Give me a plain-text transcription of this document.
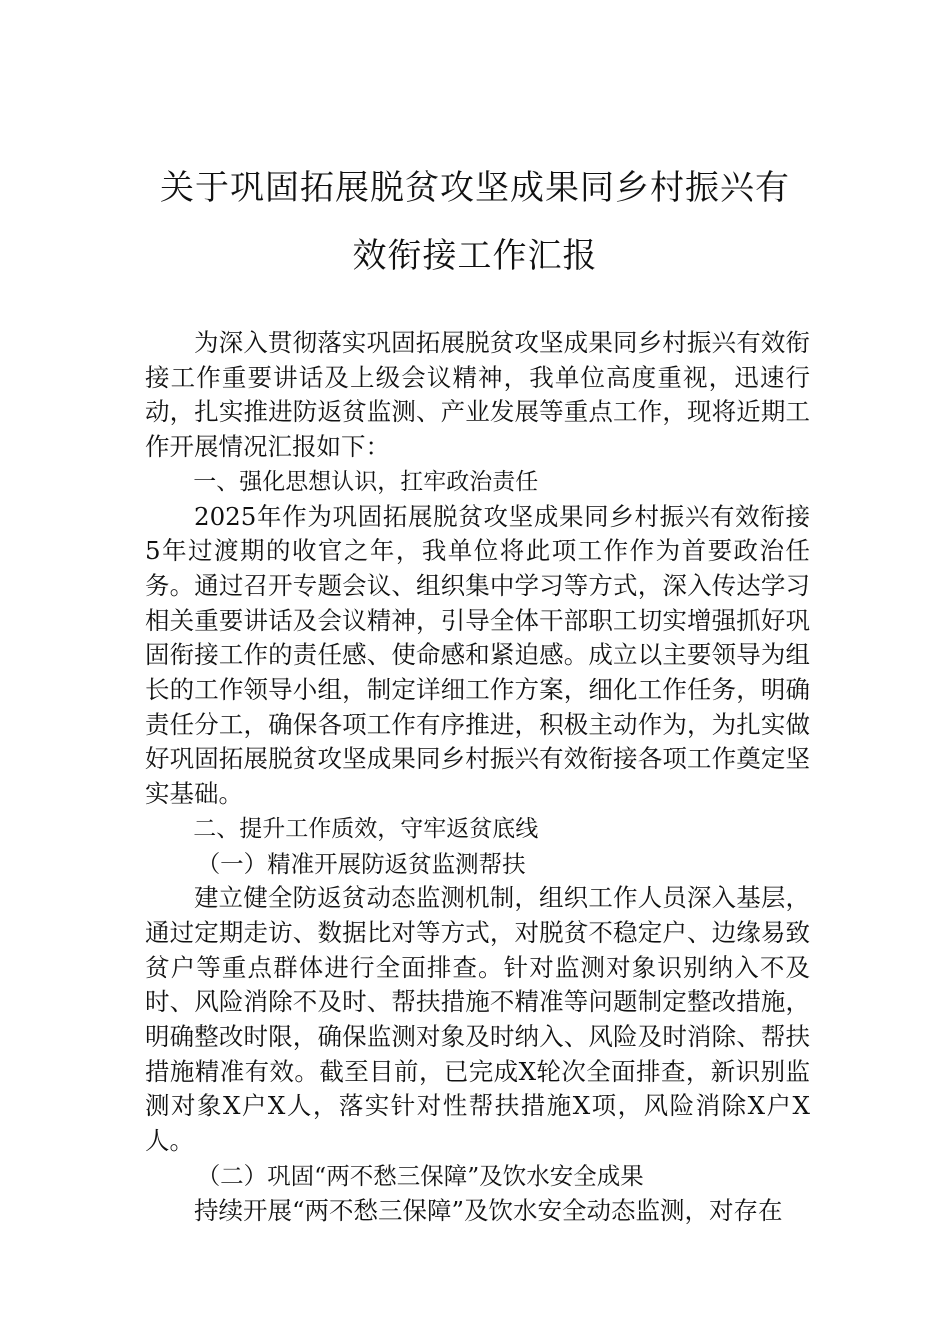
关于巩固拓展脱贫攻坚成果同乡村振兴有
效衔接工作汇报

为深入贯彻落实巩固拓展脱贫攻坚成果同乡村振兴有效衔接工作重要讲话及上级会议精神，我单位高度重视，迅速行动，扎实推进防返贫监测、产业发展等重点工作，现将近期工作开展情况汇报如下：

一、强化思想认识，扛牢政治责任

2025年作为巩固拓展脱贫攻坚成果同乡村振兴有效衔接5年过渡期的收官之年，我单位将此项工作作为首要政治任务。通过召开专题会议、组织集中学习等方式，深入传达学习相关重要讲话及会议精神，引导全体干部职工切实增强抓好巩固衔接工作的责任感、使命感和紧迫感。成立以主要领导为组长的工作领导小组，制定详细工作方案，细化工作任务，明确责任分工，确保各项工作有序推进，积极主动作为，为扎实做好巩固拓展脱贫攻坚成果同乡村振兴有效衔接各项工作奠定坚实基础。

二、提升工作质效，守牢返贫底线

（一）精准开展防返贫监测帮扶

建立健全防返贫动态监测机制，组织工作人员深入基层，通过定期走访、数据比对等方式，对脱贫不稳定户、边缘易致贫户等重点群体进行全面排查。针对监测对象识别纳入不及时、风险消除不及时、帮扶措施不精准等问题制定整改措施，明确整改时限，确保监测对象及时纳入、风险及时消除、帮扶措施精准有效。截至目前，已完成X轮次全面排查，新识别监测对象X户X人，落实针对性帮扶措施X项，风险消除X户X人。

（二）巩固“两不愁三保障”及饮水安全成果

持续开展“两不愁三保障”及饮水安全动态监测，对存在
